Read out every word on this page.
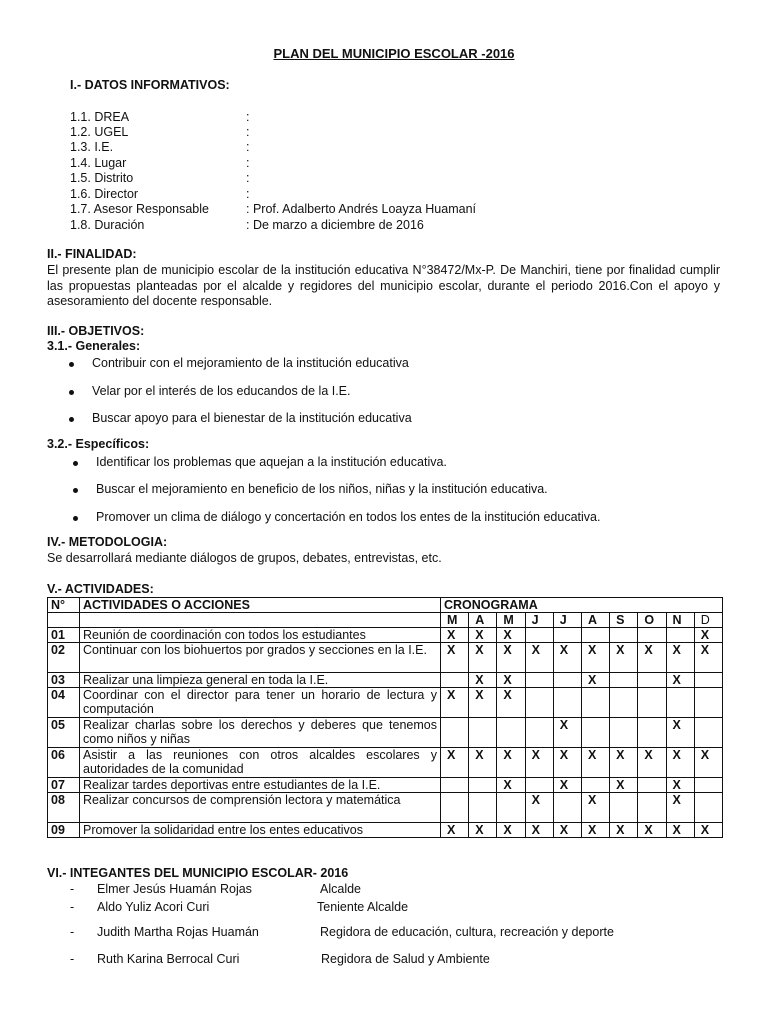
PLAN DEL MUNICIPIO ESCOLAR -2016
I.- DATOS INFORMATIVOS:
1.1. DREA	:
1.2. UGEL	:
1.3. I.E.	:
1.4. Lugar	:
1.5. Distrito	:
1.6. Director	:
1.7. Asesor Responsable	: Prof. Adalberto Andrés Loayza Huamaní
1.8. Duración	: De marzo a diciembre de 2016
II.- FINALIDAD:
El presente plan de municipio escolar de la institución educativa N°38472/Mx-P. De Manchiri, tiene por finalidad cumplir las propuestas planteadas por el alcalde y regidores del municipio escolar, durante el periodo 2016.Con el apoyo y asesoramiento del docente responsable.
III.- OBJETIVOS:
3.1.- Generales:
Contribuir con el mejoramiento de la institución educativa
Velar por el interés de los educandos de la I.E.
Buscar apoyo para el bienestar de la institución educativa
3.2.- Específicos:
Identificar los problemas que aquejan a la institución educativa.
Buscar el mejoramiento en beneficio de los niños, niñas y la institución educativa.
Promover un clima de diálogo y concertación en todos los entes de la institución educativa.
IV.- METODOLOGIA:
Se desarrollará mediante diálogos de grupos, debates, entrevistas, etc.
V.- ACTIVIDADES:
N°	ACTIVIDADES O ACCIONES	CRONOGRAMA									
		M	A	M	J	J	A	S	O	N	D
01	Reunión de coordinación con todos los estudiantes	X	X	X							X
02	Continuar con los biohuertos por grados y secciones en la I.E.	X	X	X	X	X	X	X	X	X	X
03	Realizar una limpieza general en toda la I.E.		X	X			X			X	
04	Coordinar con el director para tener un horario de lectura y computación	X	X	X							
05	Realizar charlas sobre los derechos y deberes que tenemos como niños y niñas					X				X	
06	Asistir a las reuniones con otros alcaldes escolares y autoridades de la comunidad	X	X	X	X	X	X	X	X	X	X
07	Realizar tardes deportivas entre estudiantes de la I.E.			X		X		X		X	
08	Realizar concursos de comprensión lectora y matemática				X		X			X	
09	Promover la solidaridad entre los entes educativos	X	X	X	X	X	X	X	X	X	X
VI.- INTEGANTES DEL MUNICIPIO ESCOLAR- 2016
- Elmer Jesús Huamán Rojas	Alcalde
- Aldo Yuliz Acori Curi	Teniente Alcalde
- Judith Martha Rojas Huamán	Regidora de educación, cultura, recreación y deporte
- Ruth Karina Berrocal Curi	Regidora de Salud y Ambiente
